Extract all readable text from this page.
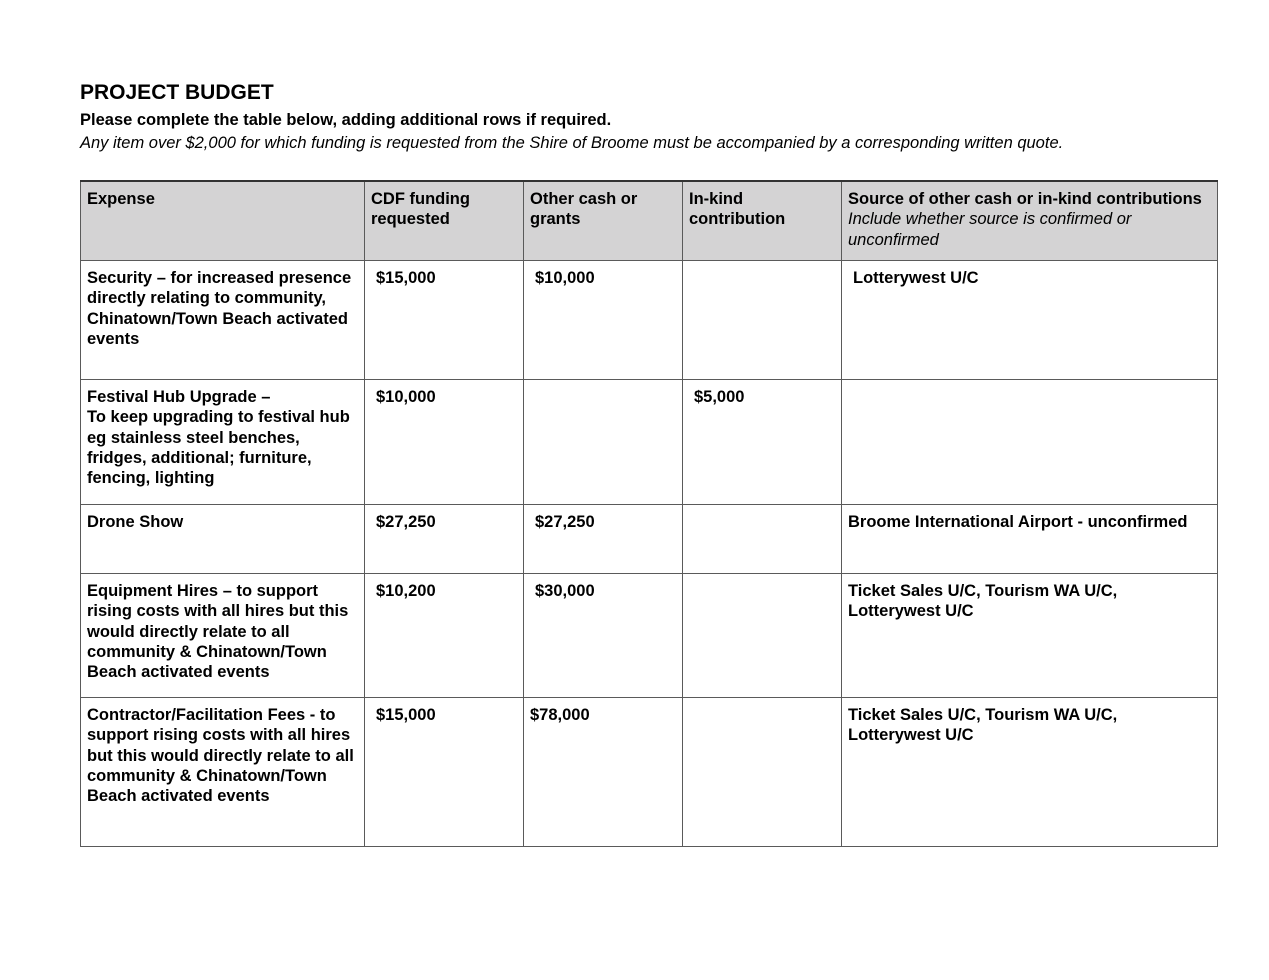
PROJECT BUDGET

Please complete the table below, adding additional rows if required.

Any item over $2,000 for which funding is requested from the Shire of Broome must be accompanied by a corresponding written quote.

Expense	CDF funding requested	Other cash or grants	In-kind contribution	Source of other cash or in-kind contributions Include whether source is confirmed or unconfirmed
Security – for increased presence directly relating to community, Chinatown/Town Beach activated events	$15,000	$10,000		Lotterywest U/C
Festival Hub Upgrade –
To keep upgrading to festival hub eg stainless steel benches, fridges, additional; furniture, fencing, lighting	$10,000		$5,000	
Drone Show	$27,250	$27,250		Broome International Airport - unconfirmed
Equipment Hires – to support rising costs with all hires but this would directly relate to all community & Chinatown/Town Beach activated events	$10,200	$30,000		Ticket Sales U/C, Tourism WA U/C, Lotterywest U/C
Contractor/Facilitation Fees - to support rising costs with all hires but this would directly relate to all community & Chinatown/Town Beach activated events	$15,000	$78,000		Ticket Sales U/C, Tourism WA U/C, Lotterywest U/C
